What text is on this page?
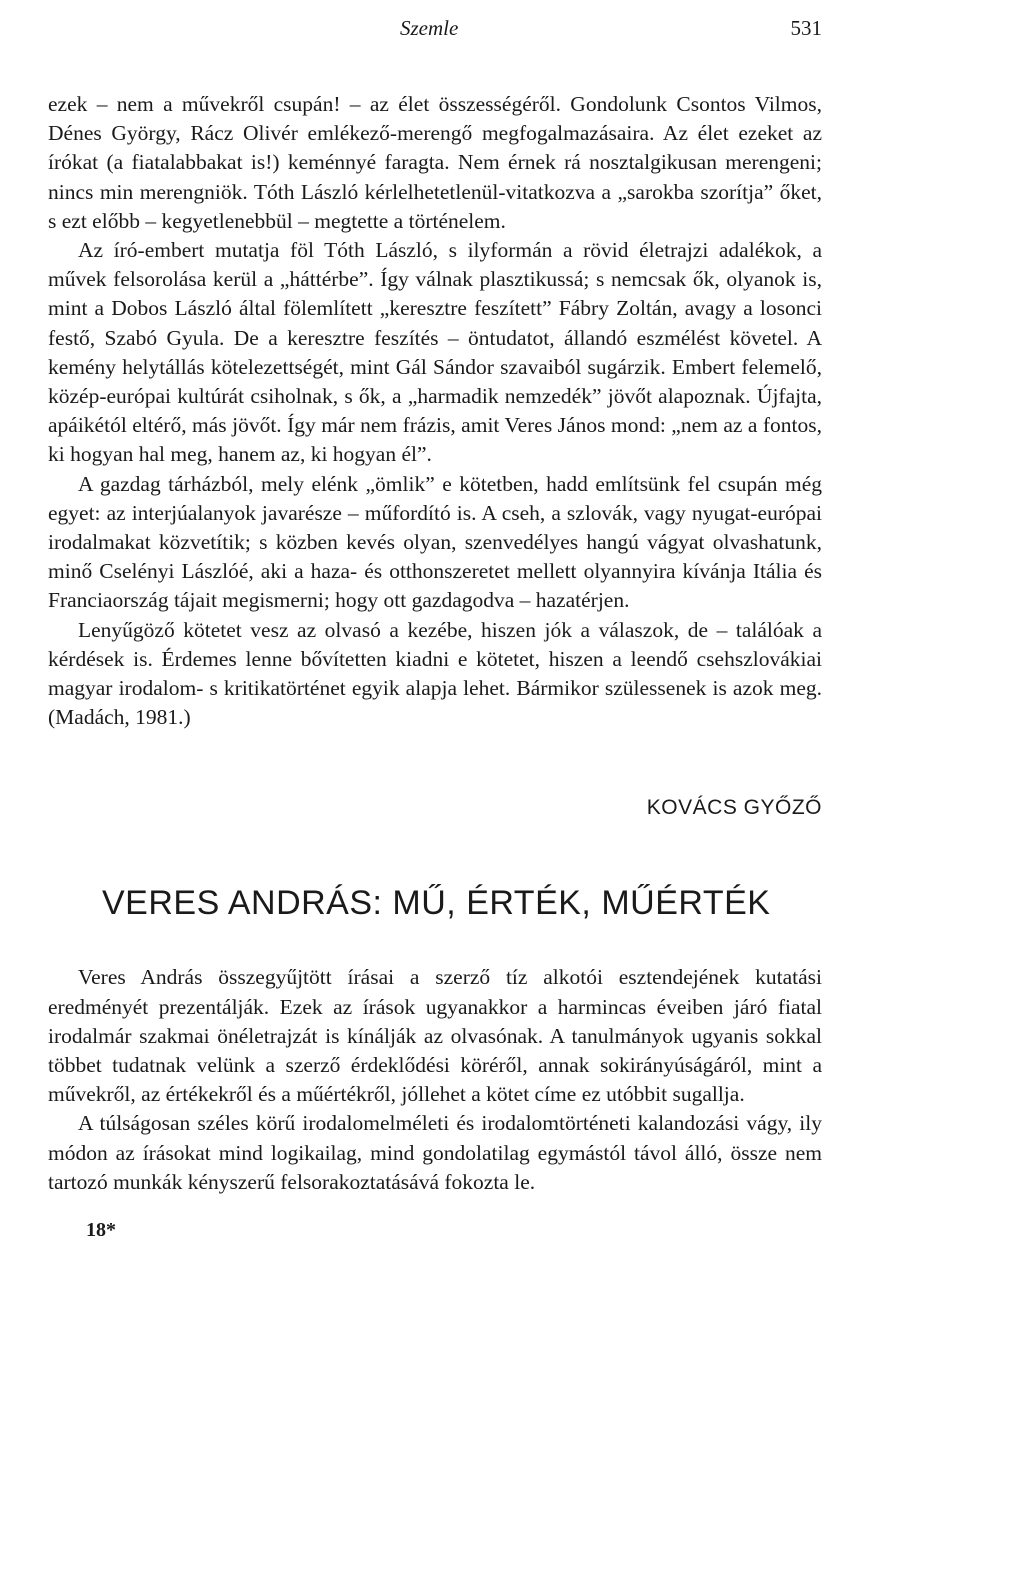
Szemle	531

ezek – nem a művekről csupán! – az élet összességéről. Gondolunk Csontos Vilmos, Dénes György, Rácz Olivér emlékező-merengő megfogalmazásaira. Az élet ezeket az írókat (a fiatalabbakat is!) keménnyé faragta. Nem érnek rá nosztalgikusan merengeni; nincs min merengniök. Tóth László kérlelhetetlenül-vitatkozva a „sarokba szorítja” őket, s ezt előbb – kegyetlenebbül – megtette a történelem.

Az író-embert mutatja föl Tóth László, s ilyformán a rövid életrajzi adalékok, a művek felsorolása kerül a „háttérbe”. Így válnak plasztikussá; s nemcsak ők, olyanok is, mint a Dobos László által fölemlített „keresztre feszített” Fábry Zoltán, avagy a losonci festő, Szabó Gyula. De a keresztre feszítés – öntudatot, állandó eszmélést követel. A kemény helytállás kötelezettségét, mint Gál Sándor szavaiból sugárzik. Embert felemelő, közép-európai kultúrát csiholnak, s ők, a „harmadik nemzedék” jövőt alapoznak. Újfajta, apáikétól eltérő, más jövőt. Így már nem frázis, amit Veres János mond: „nem az a fontos, ki hogyan hal meg, hanem az, ki hogyan él”.

A gazdag tárházból, mely elénk „ömlik” e kötetben, hadd említsünk fel csupán még egyet: az interjúalanyok javarésze – műfordító is. A cseh, a szlovák, vagy nyugat-európai irodalmakat közvetítik; s közben kevés olyan, szenvedélyes hangú vágyat olvashatunk, minő Cselényi Lászlóé, aki a haza- és otthonszeretet mellett olyannyira kívánja Itália és Franciaország tájait megismerni; hogy ott gazdagodva – hazatérjen.

Lenyűgöző kötetet vesz az olvasó a kezébe, hiszen jók a válaszok, de – találóak a kérdések is. Érdemes lenne bővítetten kiadni e kötetet, hiszen a leendő csehszlovákiai magyar irodalom- s kritikatörténet egyik alapja lehet. Bármikor szülessenek is azok meg. (Madách, 1981.)

KOVÁCS GYŐZŐ
VERES ANDRÁS: MŰ, ÉRTÉK, MŰÉRTÉK

Veres András összegyűjtött írásai a szerző tíz alkotói esztendejének kutatási eredményét prezentálják. Ezek az írások ugyanakkor a harmincas éveiben járó fiatal irodalmár szakmai önéletrajzát is kínálják az olvasónak. A tanulmányok ugyanis sokkal többet tudatnak velünk a szerző érdeklődési köréről, annak sokirányúságáról, mint a művekről, az értékekről és a műértékről, jóllehet a kötet címe ez utóbbit sugallja.

A túlságosan széles körű irodalomelméleti és irodalomtörténeti kalandozási vágy, ily módon az írásokat mind logikailag, mind gondolatilag egymástól távol álló, össze nem tartozó munkák kényszerű felsorakoztatásává fokozta le.

18*
